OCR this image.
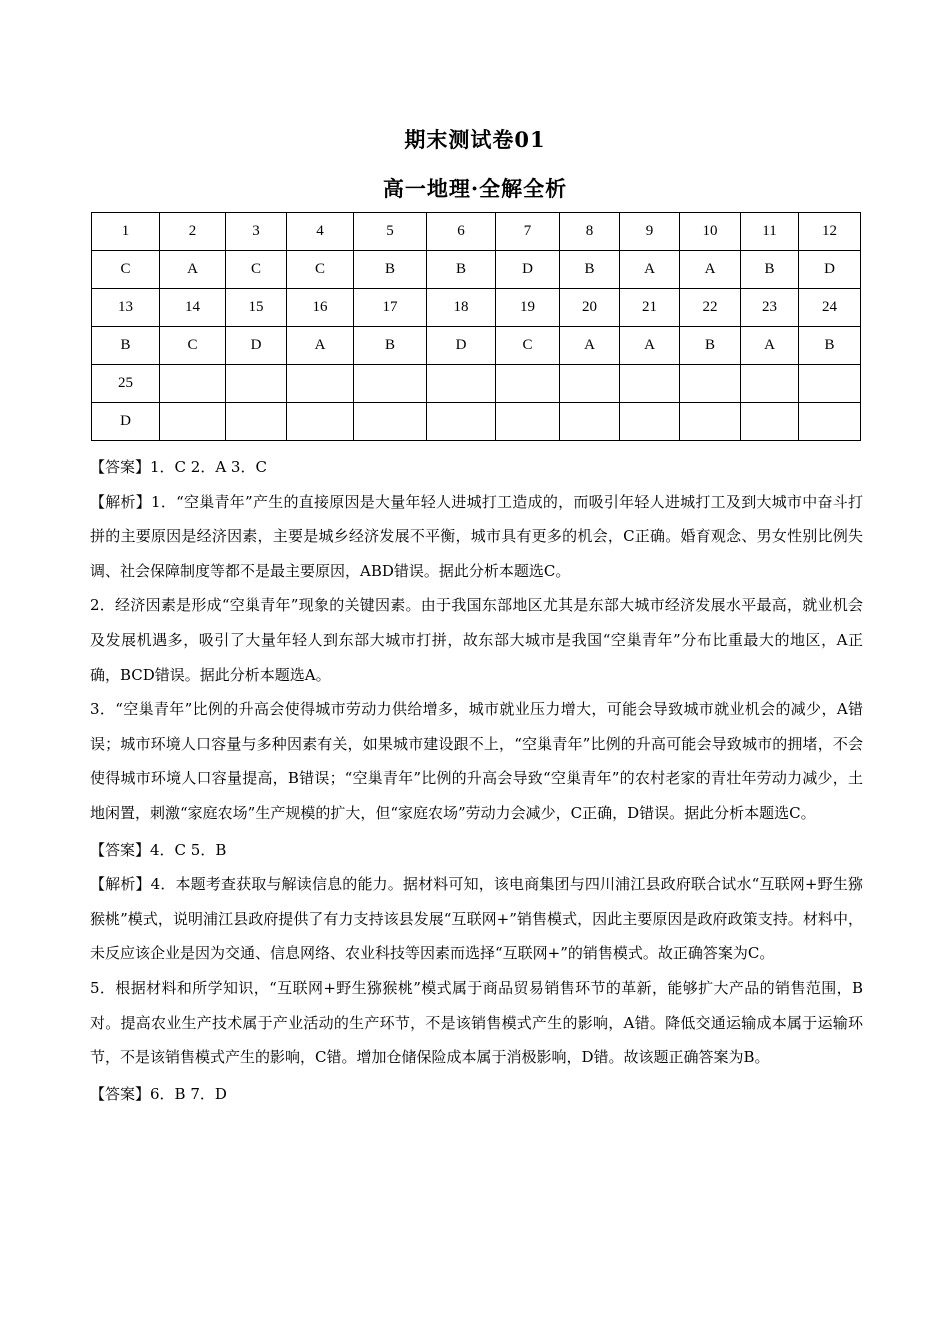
期末测试卷01
高一地理·全解全析
1	2	3	4	5	6	7	8	9	10	11	12
C	A	C	C	B	B	D	B	A	A	B	D
13	14	15	16	17	18	19	20	21	22	23	24
B	C	D	A	B	D	C	A	A	B	A	B
25											
D											

【答案】1．C 2．A 3．C

【解析】1．“空巢青年”产生的直接原因是大量年轻人进城打工造成的，而吸引年轻人进城打工及到大城市中奋斗打拼的主要原因是经济因素，主要是城乡经济发展不平衡，城市具有更多的机会，C正确。婚育观念、男女性别比例失调、社会保障制度等都不是最主要原因，ABD错误。据此分析本题选C。

2．经济因素是形成“空巢青年”现象的关键因素。由于我国东部地区尤其是东部大城市经济发展水平最高，就业机会及发展机遇多，吸引了大量年轻人到东部大城市打拼，故东部大城市是我国“空巢青年”分布比重最大的地区，A正确，BCD错误。据此分析本题选A。

3．“空巢青年”比例的升高会使得城市劳动力供给增多，城市就业压力增大，可能会导致城市就业机会的减少，A错误；城市环境人口容量与多种因素有关，如果城市建设跟不上，“空巢青年”比例的升高可能会导致城市的拥堵，不会使得城市环境人口容量提高，B错误；“空巢青年”比例的升高会导致“空巢青年”的农村老家的青壮年劳动力减少，土地闲置，刺激“家庭农场”生产规模的扩大，但“家庭农场”劳动力会减少，C正确，D错误。据此分析本题选C。

【答案】4．C 5．B

【解析】4．本题考查获取与解读信息的能力。据材料可知，该电商集团与四川浦江县政府联合试水“互联网+野生猕猴桃”模式，说明浦江县政府提供了有力支持该县发展“互联网+”销售模式，因此主要原因是政府政策支持。材料中，未反应该企业是因为交通、信息网络、农业科技等因素而选择“互联网+”的销售模式。故正确答案为C。

5．根据材料和所学知识，“互联网+野生猕猴桃”模式属于商品贸易销售环节的革新，能够扩大产品的销售范围，B对。提高农业生产技术属于产业活动的生产环节，不是该销售模式产生的影响，A错。降低交通运输成本属于运输环节，不是该销售模式产生的影响，C错。增加仓储保险成本属于消极影响，D错。故该题正确答案为B。

【答案】6．B 7．D
